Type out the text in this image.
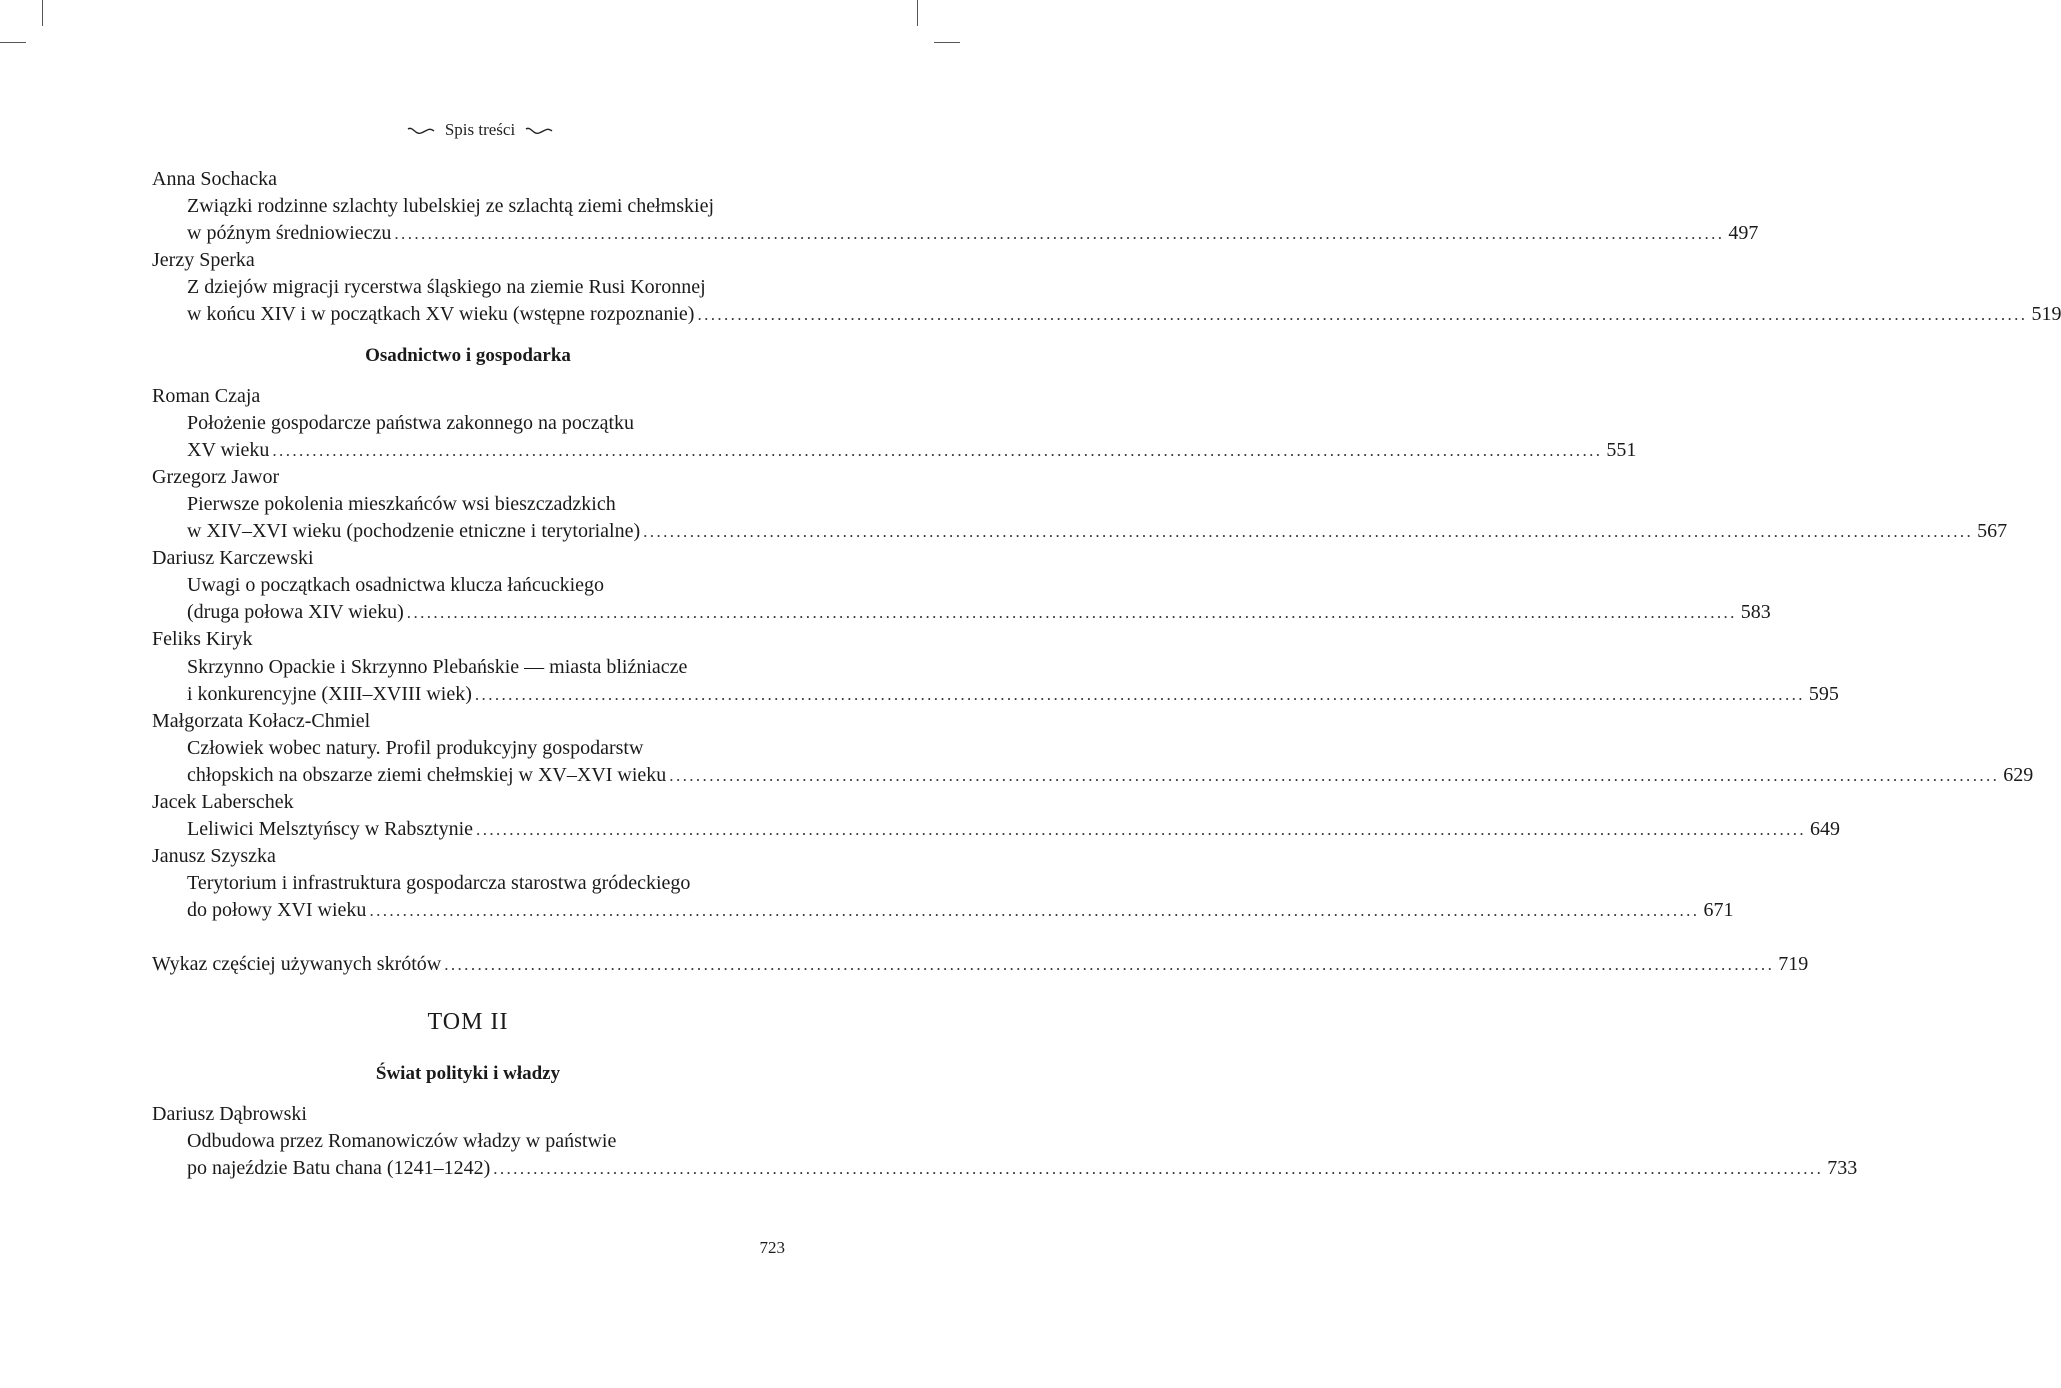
Spis treści
Anna Sochacka
Związki rodzinne szlachty lubelskiej ze szlachtą ziemi chełmskiej
w późnym średniowieczu ........................................................................................................................................................................................................ 497
Jerzy Sperka
Z dziejów migracji rycerstwa śląskiego na ziemie Rusi Koronnej
w końcu XIV i w początkach XV wieku (wstępne rozpoznanie) ........................................................................................................................................................................................................ 519
Osadnictwo i gospodarka
Roman Czaja
Położenie gospodarcze państwa zakonnego na początku
XV wieku ........................................................................................................................................................................................................ 551
Grzegorz Jawor
Pierwsze pokolenia mieszkańców wsi bieszczadzkich
w XIV–XVI wieku (pochodzenie etniczne i terytorialne) ........................................................................................................................................................................................................ 567
Dariusz Karczewski
Uwagi o początkach osadnictwa klucza łańcuckiego
(druga połowa XIV wieku) ........................................................................................................................................................................................................ 583
Feliks Kiryk
Skrzynno Opackie i Skrzynno Plebańskie — miasta bliźniacze
i konkurencyjne (XIII–XVIII wiek) ........................................................................................................................................................................................................ 595
Małgorzata Kołacz-Chmiel
Człowiek wobec natury. Profil produkcyjny gospodarstw
chłopskich na obszarze ziemi chełmskiej w XV–XVI wieku ........................................................................................................................................................................................................ 629
Jacek Laberschek
Leliwici Melsztyńscy w Rabsztynie ........................................................................................................................................................................................................ 649
Janusz Szyszka
Terytorium i infrastruktura gospodarcza starostwa gródeckiego
do połowy XVI wieku ........................................................................................................................................................................................................ 671
Wykaz częściej używanych skrótów ........................................................................................................................................................................................................ 719
TOM II
Świat polityki i władzy
Dariusz Dąbrowski
Odbudowa przez Romanowiczów władzy w państwie
po najeździe Batu chana (1241–1242) ........................................................................................................................................................................................................ 733
723
